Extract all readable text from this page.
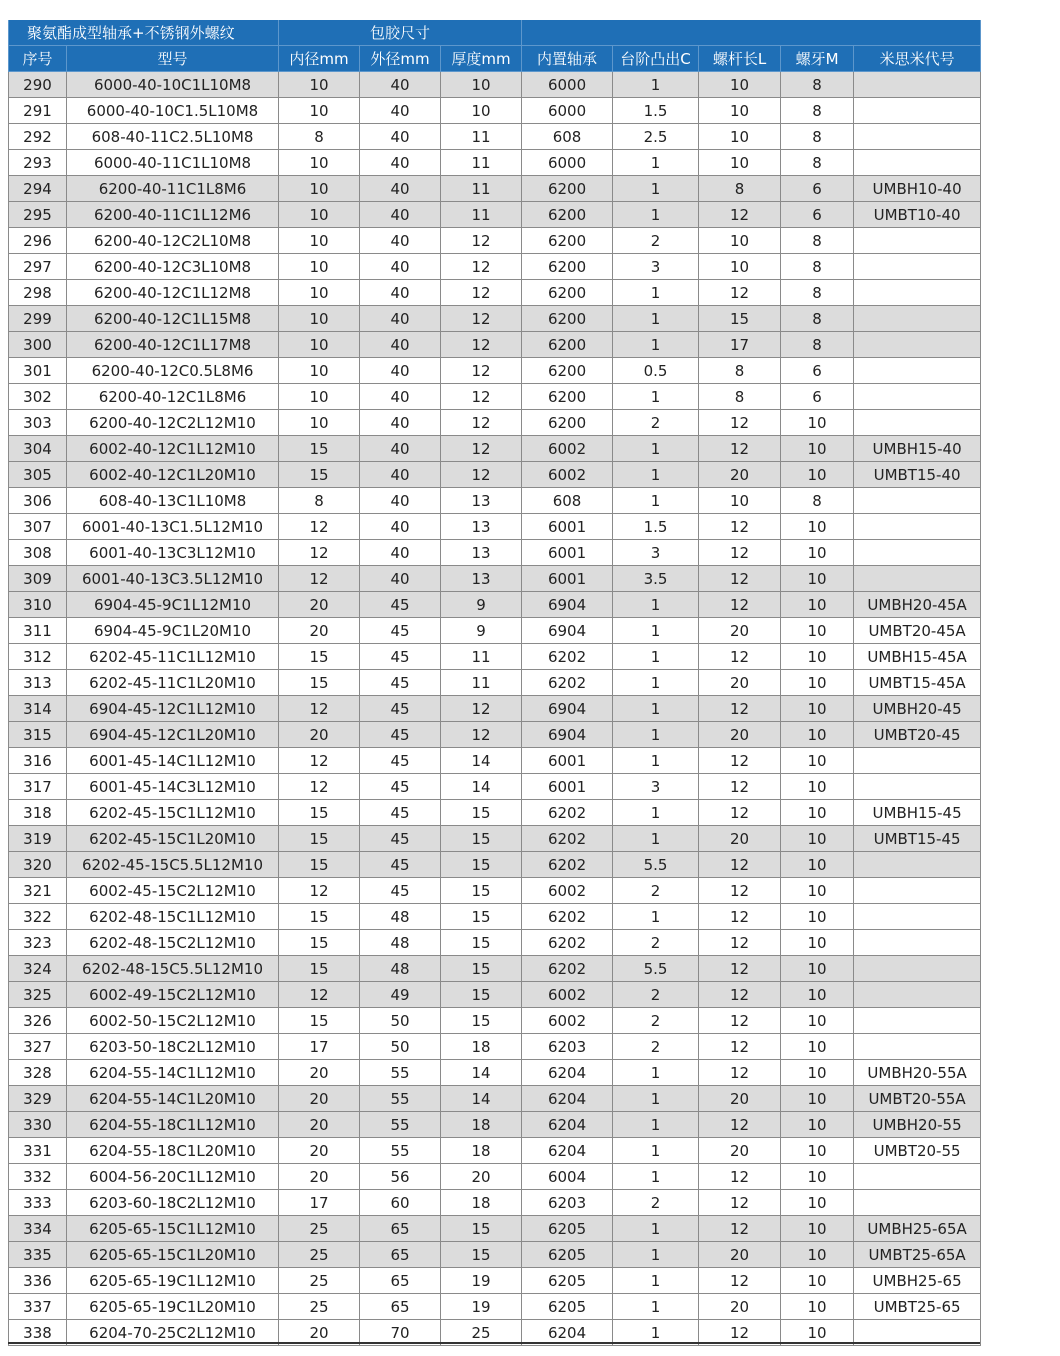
聚氨酯成型轴承+不锈钢外螺纹		包胶尺寸							
序号	型号	内径mm	外径mm	厚度mm	内置轴承	台阶凸出C	螺杆长L	螺牙M	米思米代号
290	6000-40-10C1L10M8	10	40	10	6000	1	10	8	
291	6000-40-10C1.5L10M8	10	40	10	6000	1.5	10	8	
292	608-40-11C2.5L10M8	8	40	11	608	2.5	10	8	
293	6000-40-11C1L10M8	10	40	11	6000	1	10	8	
294	6200-40-11C1L8M6	10	40	11	6200	1	8	6	UMBH10-40
295	6200-40-11C1L12M6	10	40	11	6200	1	12	6	UMBT10-40
296	6200-40-12C2L10M8	10	40	12	6200	2	10	8	
297	6200-40-12C3L10M8	10	40	12	6200	3	10	8	
298	6200-40-12C1L12M8	10	40	12	6200	1	12	8	
299	6200-40-12C1L15M8	10	40	12	6200	1	15	8	
300	6200-40-12C1L17M8	10	40	12	6200	1	17	8	
301	6200-40-12C0.5L8M6	10	40	12	6200	0.5	8	6	
302	6200-40-12C1L8M6	10	40	12	6200	1	8	6	
303	6200-40-12C2L12M10	10	40	12	6200	2	12	10	
304	6002-40-12C1L12M10	15	40	12	6002	1	12	10	UMBH15-40
305	6002-40-12C1L20M10	15	40	12	6002	1	20	10	UMBT15-40
306	608-40-13C1L10M8	8	40	13	608	1	10	8	
307	6001-40-13C1.5L12M10	12	40	13	6001	1.5	12	10	
308	6001-40-13C3L12M10	12	40	13	6001	3	12	10	
309	6001-40-13C3.5L12M10	12	40	13	6001	3.5	12	10	
310	6904-45-9C1L12M10	20	45	9	6904	1	12	10	UMBH20-45A
311	6904-45-9C1L20M10	20	45	9	6904	1	20	10	UMBT20-45A
312	6202-45-11C1L12M10	15	45	11	6202	1	12	10	UMBH15-45A
313	6202-45-11C1L20M10	15	45	11	6202	1	20	10	UMBT15-45A
314	6904-45-12C1L12M10	12	45	12	6904	1	12	10	UMBH20-45
315	6904-45-12C1L20M10	20	45	12	6904	1	20	10	UMBT20-45
316	6001-45-14C1L12M10	12	45	14	6001	1	12	10	
317	6001-45-14C3L12M10	12	45	14	6001	3	12	10	
318	6202-45-15C1L12M10	15	45	15	6202	1	12	10	UMBH15-45
319	6202-45-15C1L20M10	15	45	15	6202	1	20	10	UMBT15-45
320	6202-45-15C5.5L12M10	15	45	15	6202	5.5	12	10	
321	6002-45-15C2L12M10	12	45	15	6002	2	12	10	
322	6202-48-15C1L12M10	15	48	15	6202	1	12	10	
323	6202-48-15C2L12M10	15	48	15	6202	2	12	10	
324	6202-48-15C5.5L12M10	15	48	15	6202	5.5	12	10	
325	6002-49-15C2L12M10	12	49	15	6002	2	12	10	
326	6002-50-15C2L12M10	15	50	15	6002	2	12	10	
327	6203-50-18C2L12M10	17	50	18	6203	2	12	10	
328	6204-55-14C1L12M10	20	55	14	6204	1	12	10	UMBH20-55A
329	6204-55-14C1L20M10	20	55	14	6204	1	20	10	UMBT20-55A
330	6204-55-18C1L12M10	20	55	18	6204	1	12	10	UMBH20-55
331	6204-55-18C1L20M10	20	55	18	6204	1	20	10	UMBT20-55
332	6004-56-20C1L12M10	20	56	20	6004	1	12	10	
333	6203-60-18C2L12M10	17	60	18	6203	2	12	10	
334	6205-65-15C1L12M10	25	65	15	6205	1	12	10	UMBH25-65A
335	6205-65-15C1L20M10	25	65	15	6205	1	20	10	UMBT25-65A
336	6205-65-19C1L12M10	25	65	19	6205	1	12	10	UMBH25-65
337	6205-65-19C1L20M10	25	65	19	6205	1	20	10	UMBT25-65
338	6204-70-25C2L12M10	20	70	25	6204	1	12	10	
